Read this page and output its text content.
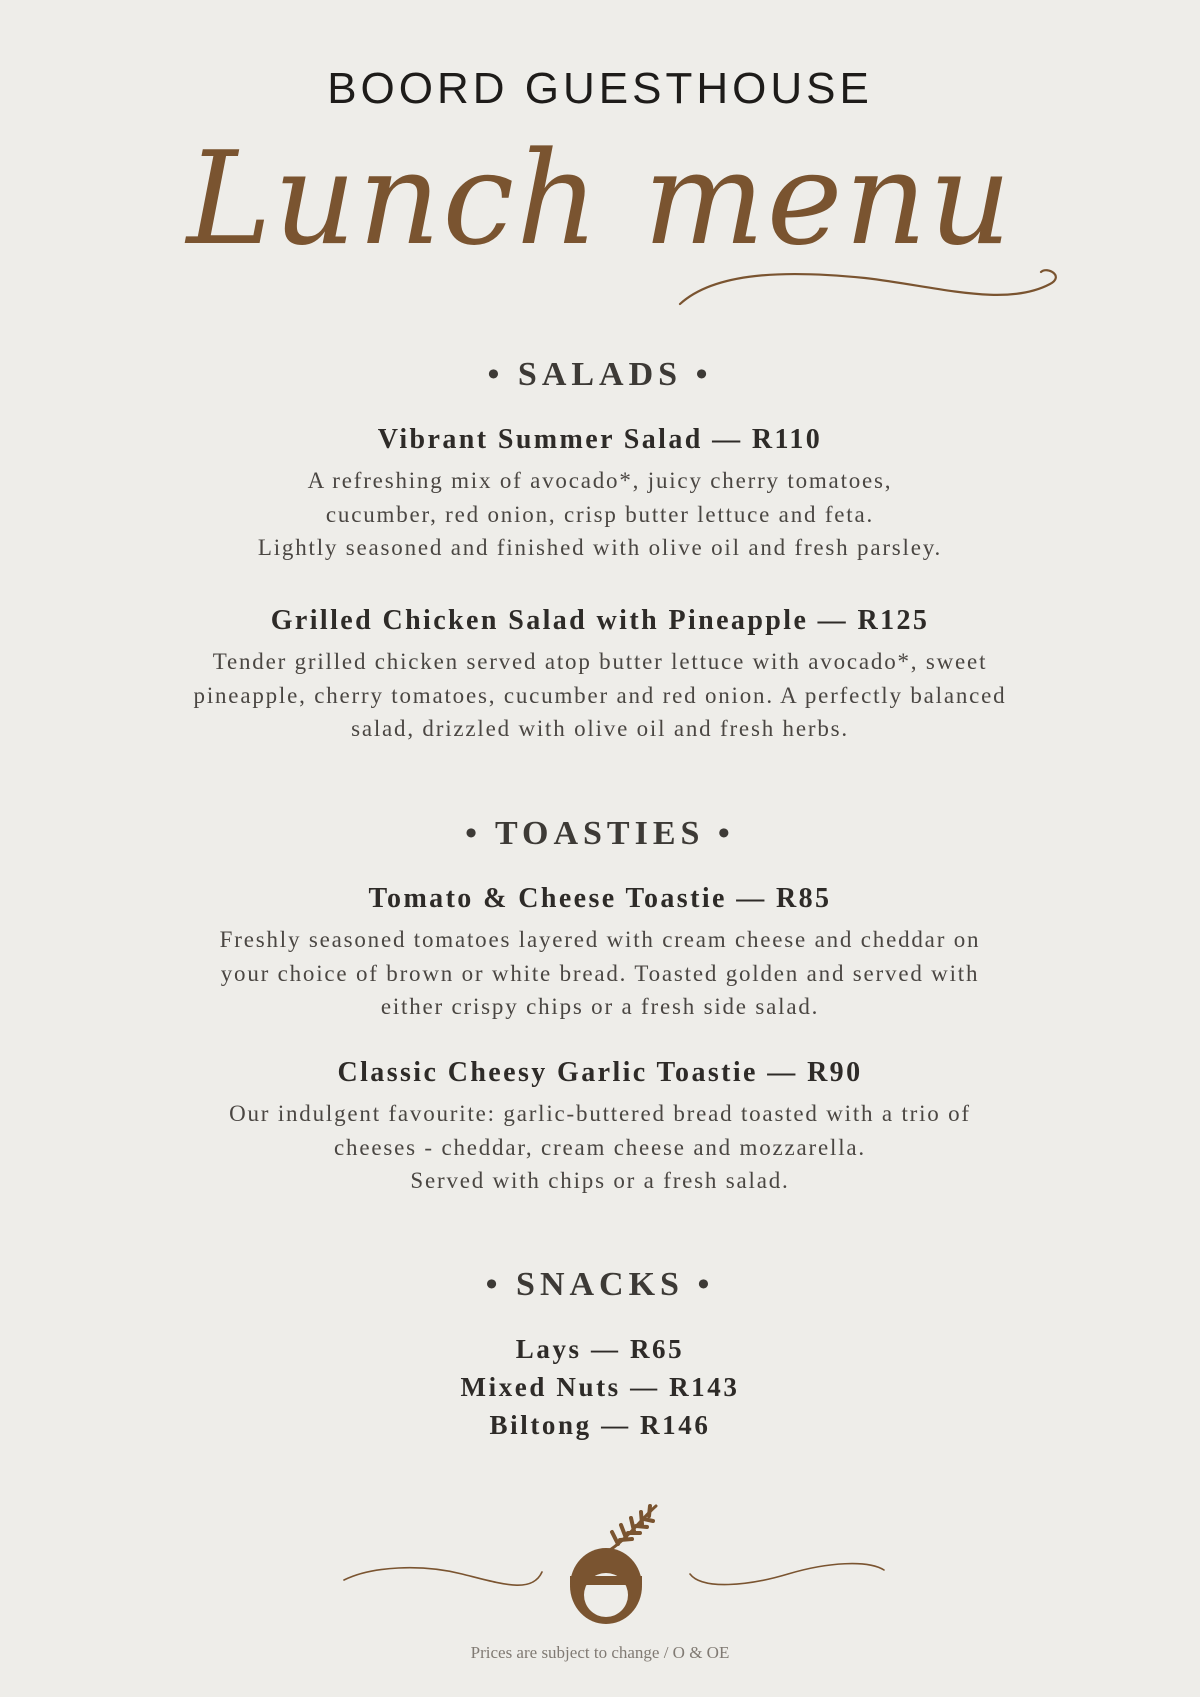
BOORD GUESTHOUSE
Lunch menu
• SALADS •
Vibrant Summer Salad — R110
A refreshing mix of avocado*, juicy cherry tomatoes,
cucumber, red onion, crisp butter lettuce and feta.
Lightly seasoned and finished with olive oil and fresh parsley.
Grilled Chicken Salad with Pineapple — R125
Tender grilled chicken served atop butter lettuce with avocado*, sweet
pineapple, cherry tomatoes, cucumber and red onion. A perfectly balanced
salad, drizzled with olive oil and fresh herbs.
• TOASTIES •
Tomato & Cheese Toastie — R85
Freshly seasoned tomatoes layered with cream cheese and cheddar on
your choice of brown or white bread. Toasted golden and served with
either crispy chips or a fresh side salad.
Classic Cheesy Garlic Toastie — R90
Our indulgent favourite: garlic-buttered bread toasted with a trio of
cheeses - cheddar, cream cheese and mozzarella.
Served with chips or a fresh salad.
• SNACKS •
Lays — R65
Mixed Nuts — R143
Biltong — R146
Prices are subject to change / O & OE
